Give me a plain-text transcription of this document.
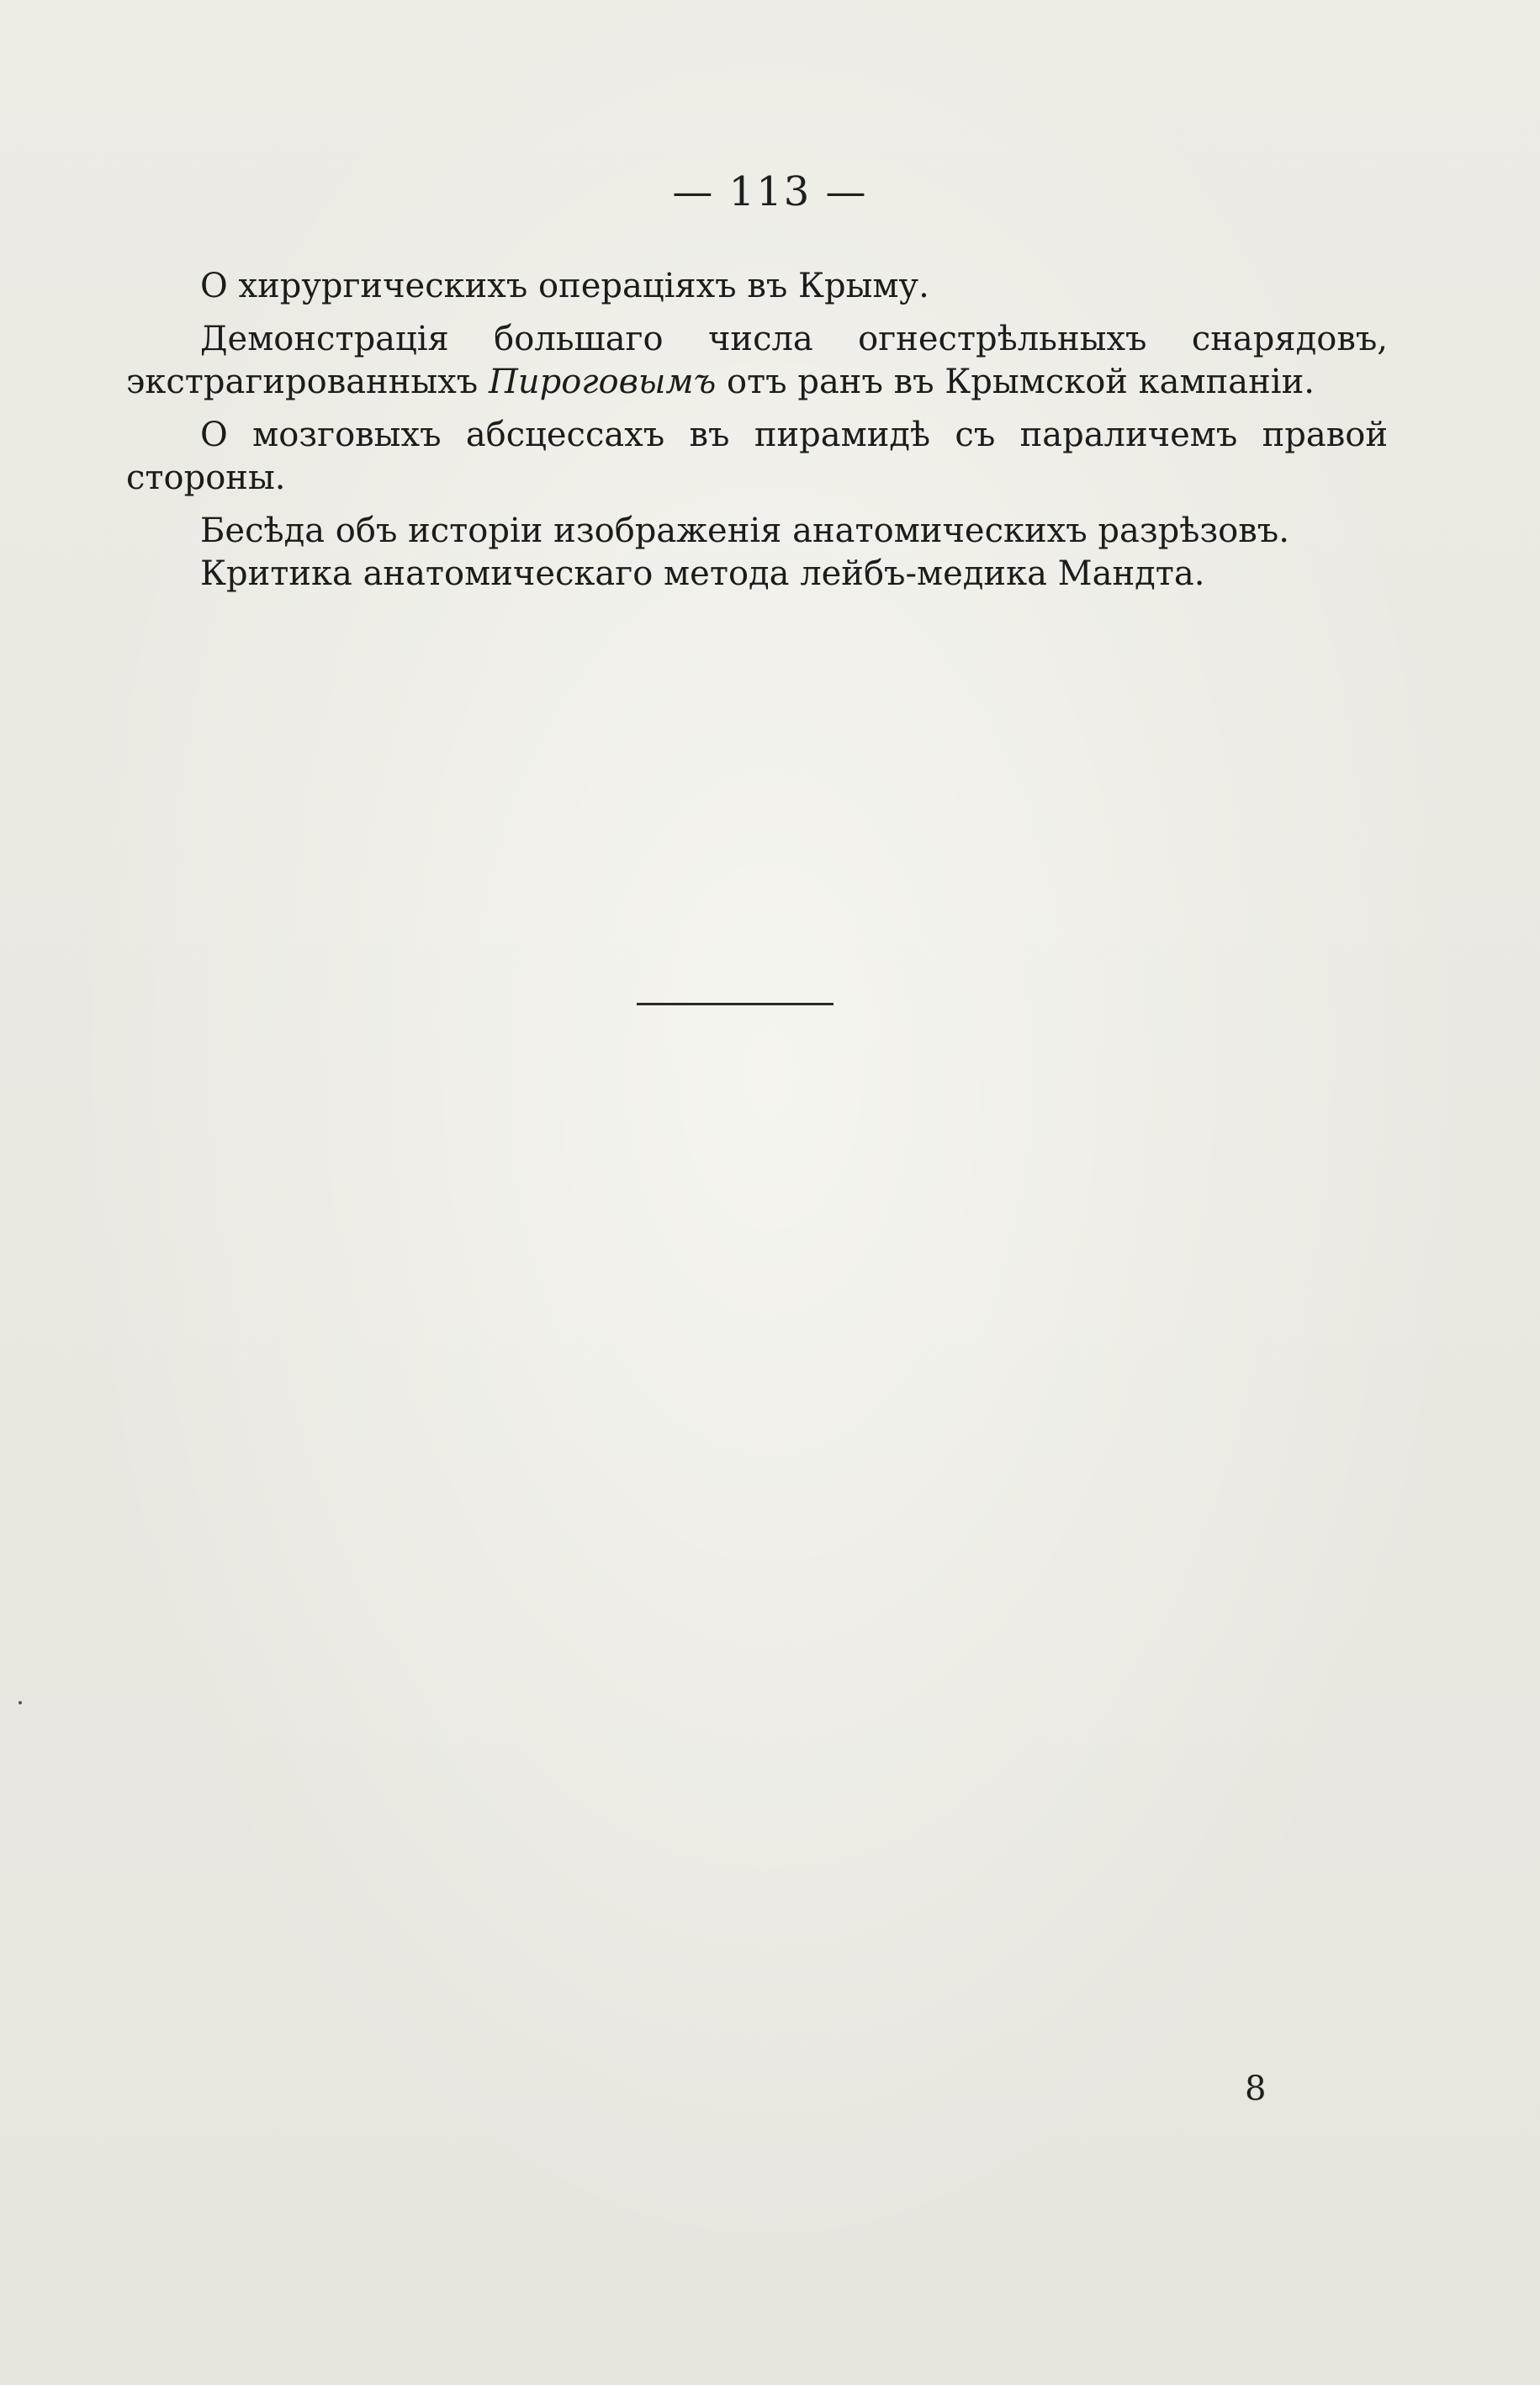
— 113 —

О хирургическихъ операціяхъ въ Крыму.

Демонстрація большаго числа огнестрѣльныхъ снарядовъ, экстрагированныхъ Пироговымъ отъ ранъ въ Крымской кампаніи.

О мозговыхъ абсцессахъ въ пирамидѣ съ параличемъ правой стороны.

Бесѣда объ исторіи изображенія анатомическихъ разрѣзовъ.

Критика анатомическаго метода лейбъ-медика Мандта.

8
